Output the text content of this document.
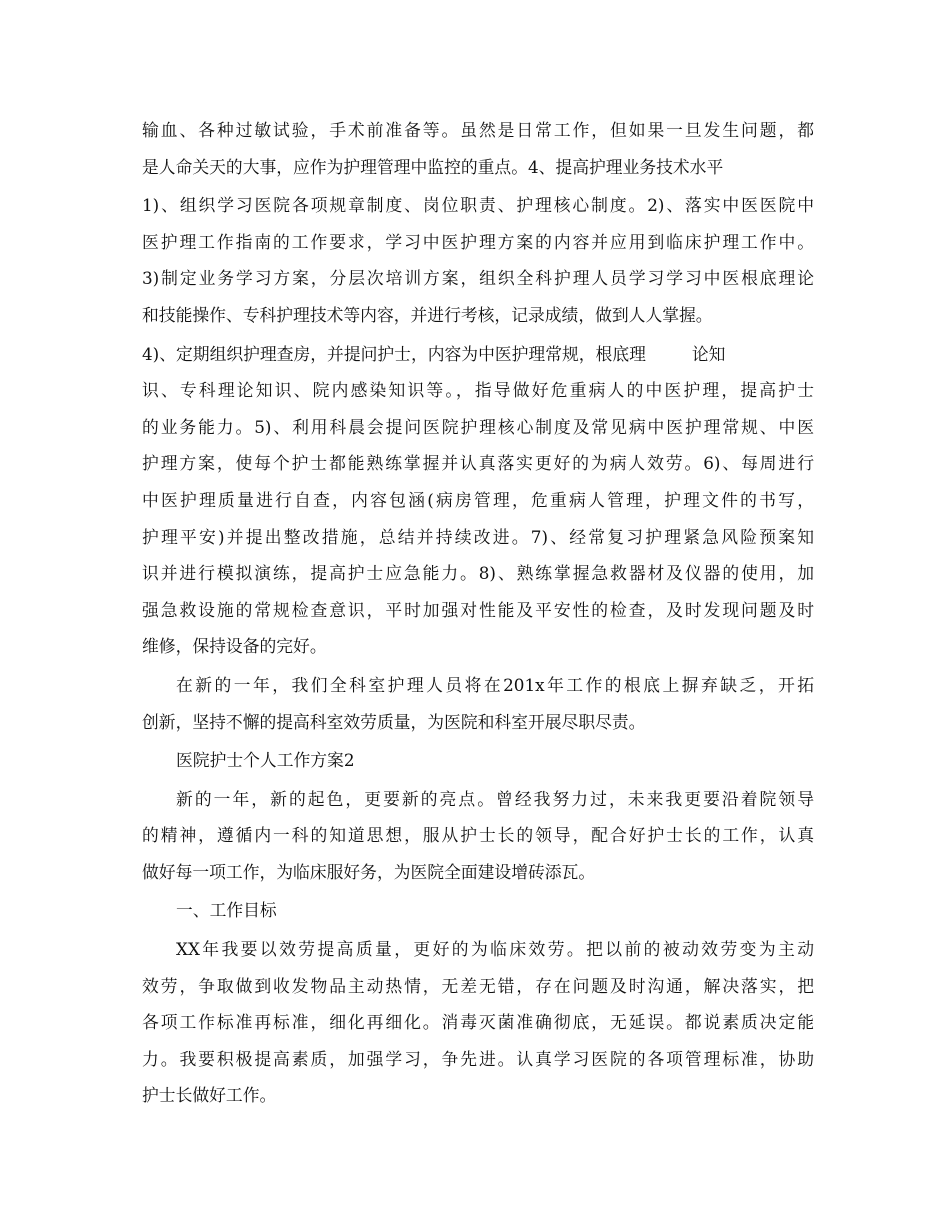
输血、各种过敏试验，手术前准备等。虽然是日常工作，但如果一旦发生问题，都
是人命关天的大事，应作为护理管理中监控的重点。4、提高护理业务技术水平
1)、组织学习医院各项规章制度、岗位职责、护理核心制度。2)、落实中医医院中
医护理工作指南的工作要求，学习中医护理方案的内容并应用到临床护理工作中。
3)制定业务学习方案，分层次培训方案，组织全科护理人员学习学习中医根底理论
和技能操作、专科护理技术等内容，并进行考核，记录成绩，做到人人掌握。
4)、定期组织护理查房，并提问护士，内容为中医护理常规，根底理	论知
识、专科理论知识、院内感染知识等。，指导做好危重病人的中医护理，提高护士
的业务能力。5)、利用科晨会提问医院护理核心制度及常见病中医护理常规、中医
护理方案，使每个护士都能熟练掌握并认真落实更好的为病人效劳。6)、每周进行
中医护理质量进行自查，内容包涵(病房管理，危重病人管理，护理文件的书写，
护理平安)并提出整改措施，总结并持续改进。7)、经常复习护理紧急风险预案知
识并进行模拟演练，提高护士应急能力。8)、熟练掌握急救器材及仪器的使用，加
强急救设施的常规检查意识，平时加强对性能及平安性的检查，及时发现问题及时
维修，保持设备的完好。
在新的一年，我们全科室护理人员将在201x年工作的根底上摒弃缺乏，开拓
创新，坚持不懈的提高科室效劳质量，为医院和科室开展尽职尽责。
医院护士个人工作方案2
新的一年，新的起色，更要新的亮点。曾经我努力过，未来我更要沿着院领导
的精神，遵循内一科的知道思想，服从护士长的领导，配合好护士长的工作，认真
做好每一项工作，为临床服好务，为医院全面建设增砖添瓦。
一、工作目标
XX年我要以效劳提高质量，更好的为临床效劳。把以前的被动效劳变为主动
效劳，争取做到收发物品主动热情，无差无错，存在问题及时沟通，解决落实，把
各项工作标准再标准，细化再细化。消毒灭菌准确彻底，无延误。都说素质决定能
力。我要积极提高素质，加强学习，争先进。认真学习医院的各项管理标准，协助
护士长做好工作。
